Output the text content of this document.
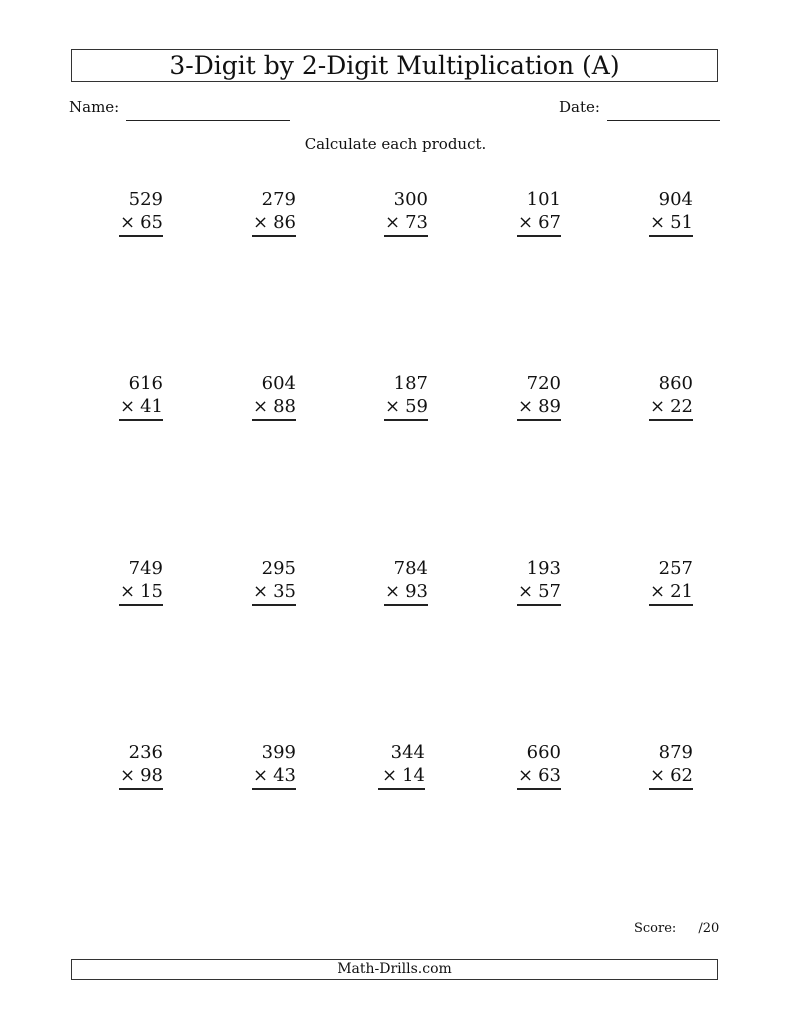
3-Digit by 2-Digit Multiplication (A)
Name:	Date:
Calculate each product.
529
× 65
279
× 86
300
× 73
101
× 67
904
× 51
616
× 41
604
× 88
187
× 59
720
× 89
860
× 22
749
× 15
295
× 35
784
× 93
193
× 57
257
× 21
236
× 98
399
× 43
344
× 14
660
× 63
879
× 62
Score: /20
Math-Drills.com
